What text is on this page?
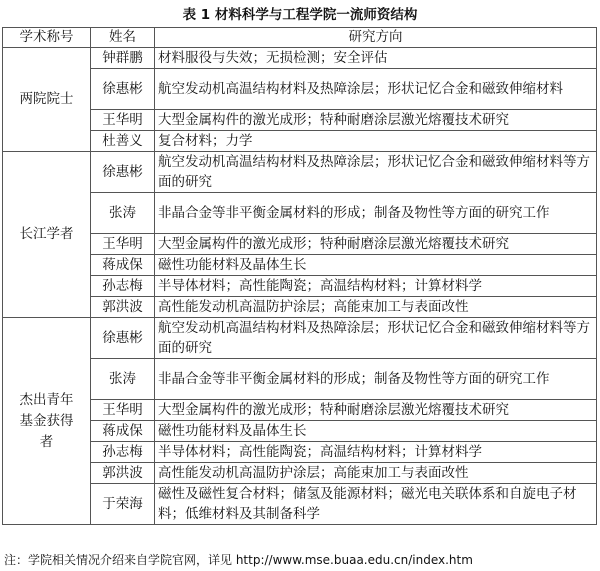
表 1 材料科学与工程学院一流师资结构
学术称号	姓名	研究方向
两院院士	钟群鹏	材料服役与失效；无损检测；安全评估
	徐惠彬	航空发动机高温结构材料及热障涂层；形状记忆合金和磁致伸缩材料
	王华明	大型金属构件的激光成形；特种耐磨涂层激光熔覆技术研究
	杜善义	复合材料；力学
长江学者	徐惠彬	航空发动机高温结构材料及热障涂层；形状记忆合金和磁致伸缩材料等方面的研究
	张涛	非晶合金等非平衡金属材料的形成；制备及物性等方面的研究工作
	王华明	大型金属构件的激光成形；特种耐磨涂层激光熔覆技术研究
	蒋成保	磁性功能材料及晶体生长
	孙志梅	半导体材料；高性能陶瓷；高温结构材料；计算材料学
	郭洪波	高性能发动机高温防护涂层；高能束加工与表面改性
杰出青年基金获得者	徐惠彬	航空发动机高温结构材料及热障涂层；形状记忆合金和磁致伸缩材料等方面的研究
	张涛	非晶合金等非平衡金属材料的形成；制备及物性等方面的研究工作
	王华明	大型金属构件的激光成形；特种耐磨涂层激光熔覆技术研究
	蒋成保	磁性功能材料及晶体生长
	孙志梅	半导体材料；高性能陶瓷；高温结构材料；计算材料学
	郭洪波	高性能发动机高温防护涂层；高能束加工与表面改性
	于荣海	磁性及磁性复合材料；储氢及能源材料；磁光电关联体系和自旋电子材料；低维材料及其制备科学
注：学院相关情况介绍来自学院官网，详见 http://www.mse.buaa.edu.cn/index.htm
